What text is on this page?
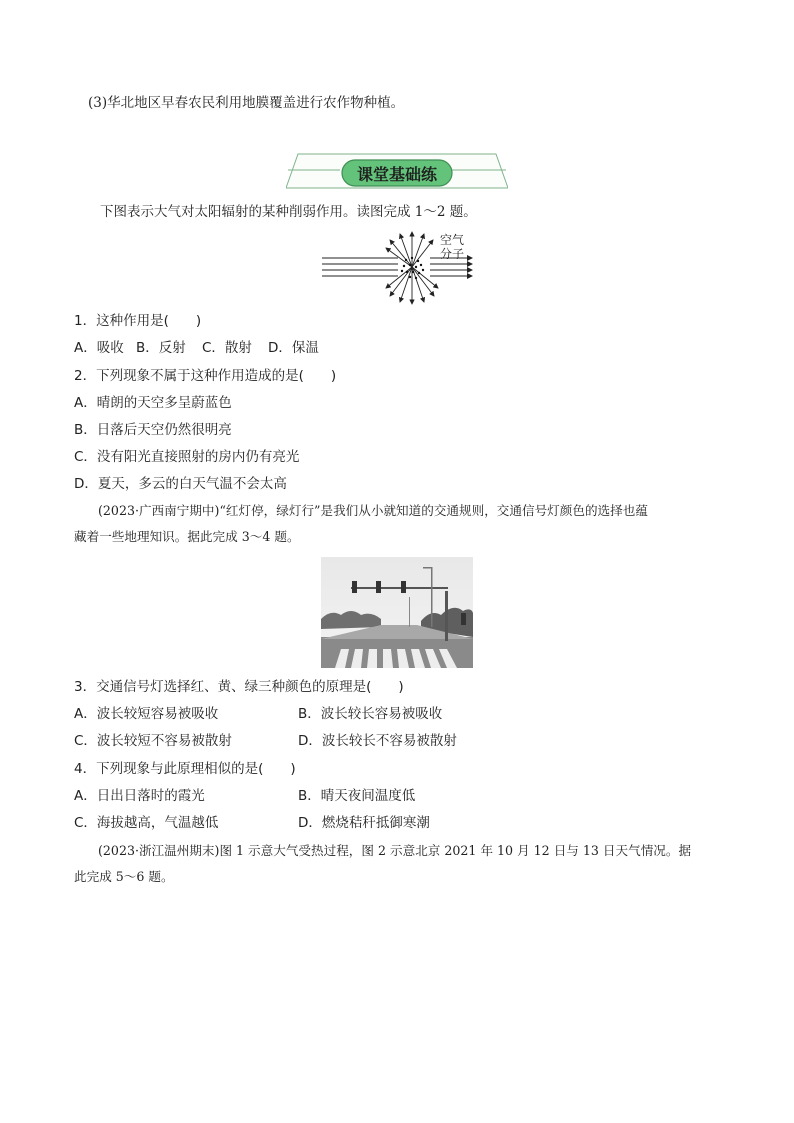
(3)华北地区早春农民利用地膜覆盖进行农作物种植。
课堂基础练
下图表示大气对太阳辐射的某种削弱作用。读图完成 1～2 题。
空气
分子
1．这种作用是(　　)
A．吸收 B．反射 C．散射 D．保温
2．下列现象不属于这种作用造成的是(　　)
A．晴朗的天空多呈蔚蓝色
B．日落后天空仍然很明亮
C．没有阳光直接照射的房内仍有亮光
D．夏天，多云的白天气温不会太高
(2023·广西南宁期中)“红灯停，绿灯行”是我们从小就知道的交通规则，交通信号灯颜色的选择也蕴
藏着一些地理知识。据此完成 3～4 题。
3．交通信号灯选择红、黄、绿三种颜色的原理是(　　)
A．波长较短容易被吸收	B．波长较长容易被吸收
C．波长较短不容易被散射	D．波长较长不容易被散射
4．下列现象与此原理相似的是(　　)
A．日出日落时的霞光	B．晴天夜间温度低
C．海拔越高，气温越低	D．燃烧秸秆抵御寒潮
(2023·浙江温州期末)图 1 示意大气受热过程，图 2 示意北京 2021 年 10 月 12 日与 13 日天气情况。据
此完成 5～6 题。
